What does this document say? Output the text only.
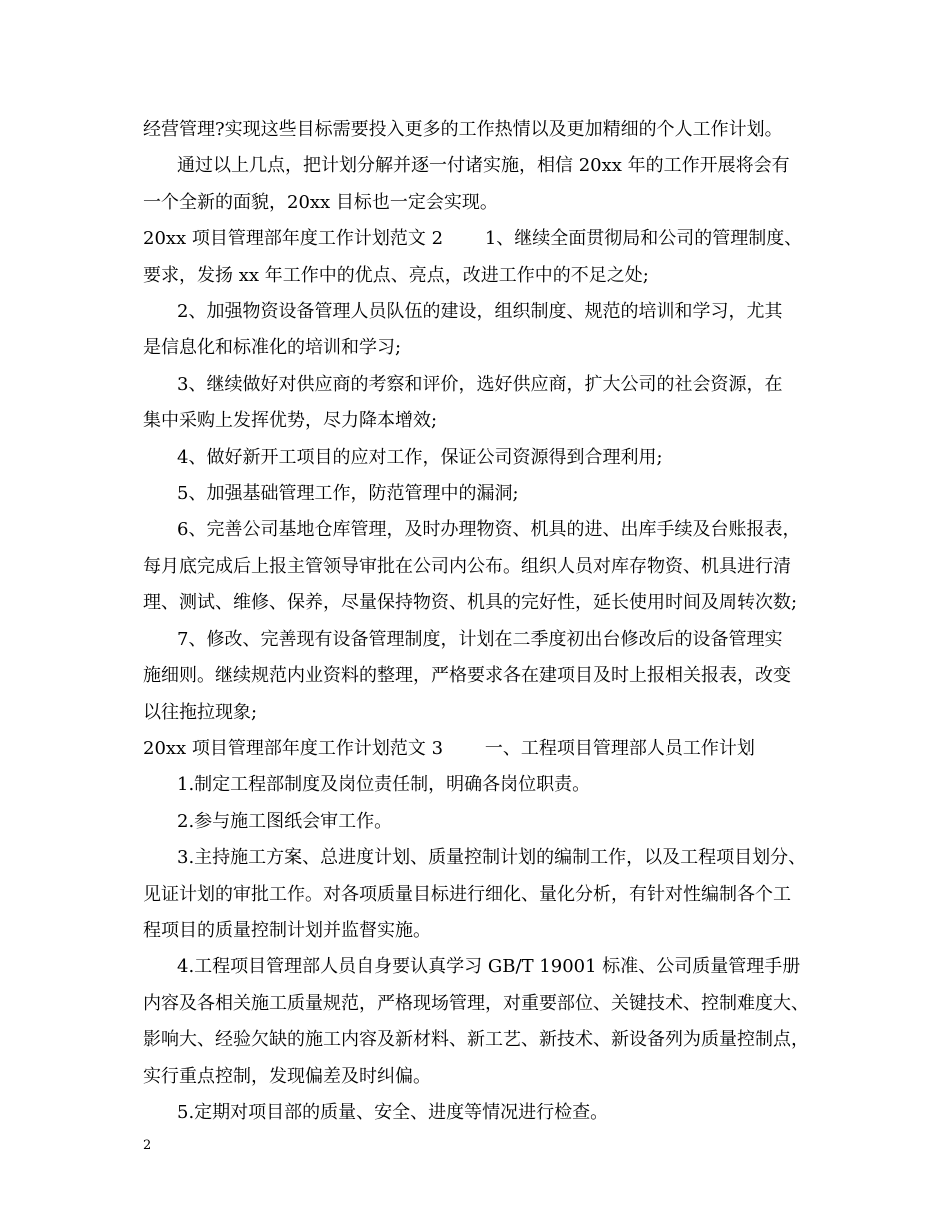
经营管理?实现这些目标需要投入更多的工作热情以及更加精细的个人工作计划。

通过以上几点，把计划分解并逐一付诸实施，相信 20xx 年的工作开展将会有

一个全新的面貌，20xx 目标也一定会实现。

20xx 项目管理部年度工作计划范文 2　　 1、继续全面贯彻局和公司的管理制度、

要求，发扬 xx 年工作中的优点、亮点，改进工作中的不足之处;

2、加强物资设备管理人员队伍的建设，组织制度、规范的培训和学习，尤其

是信息化和标准化的培训和学习;

3、继续做好对供应商的考察和评价，选好供应商，扩大公司的社会资源，在

集中采购上发挥优势，尽力降本增效;

4、做好新开工项目的应对工作，保证公司资源得到合理利用;

5、加强基础管理工作，防范管理中的漏洞;

6、完善公司基地仓库管理，及时办理物资、机具的进、出库手续及台账报表，

每月底完成后上报主管领导审批在公司内公布。组织人员对库存物资、机具进行清

理、测试、维修、保养，尽量保持物资、机具的完好性，延长使用时间及周转次数;

7、修改、完善现有设备管理制度，计划在二季度初出台修改后的设备管理实

施细则。继续规范内业资料的整理，严格要求各在建项目及时上报相关报表，改变

以往拖拉现象;

20xx 项目管理部年度工作计划范文 3　　 一、工程项目管理部人员工作计划

1.制定工程部制度及岗位责任制，明确各岗位职责。

2.参与施工图纸会审工作。

3.主持施工方案、总进度计划、质量控制计划的编制工作，以及工程项目划分、

见证计划的审批工作。对各项质量目标进行细化、量化分析，有针对性编制各个工

程项目的质量控制计划并监督实施。

4.工程项目管理部人员自身要认真学习 GB/T 19001 标准、公司质量管理手册

内容及各相关施工质量规范，严格现场管理，对重要部位、关键技术、控制难度大、

影响大、经验欠缺的施工内容及新材料、新工艺、新技术、新设备列为质量控制点，

实行重点控制，发现偏差及时纠偏。

5.定期对项目部的质量、安全、进度等情况进行检查。

2
